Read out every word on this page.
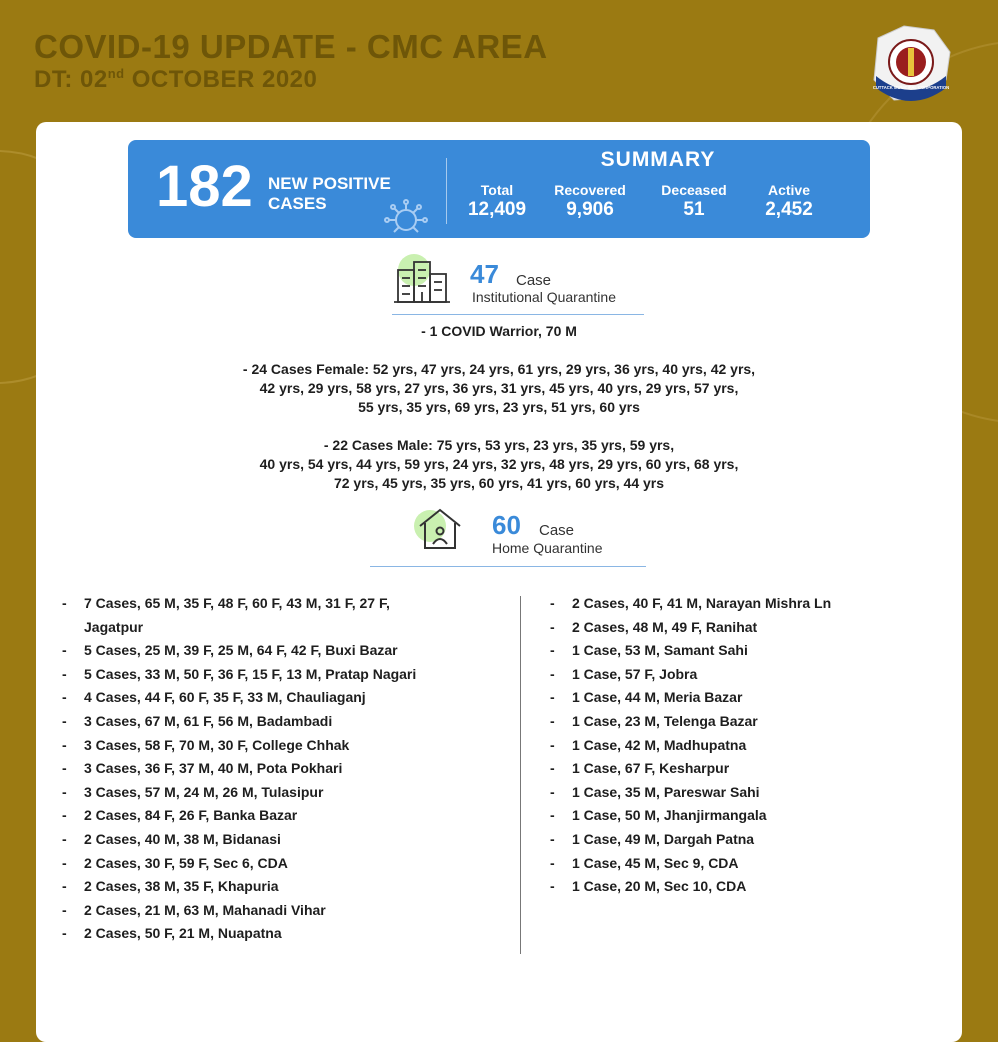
COVID-19 UPDATE - CMC AREA

DT: 02nd OCTOBER 2020	CUTTACK MUNICIPAL CORPORATION
182 NEW POSITIVE CASES
SUMMARY
Total
12,409
Recovered
9,906
Deceased
51
Active
2,452
47 Case
Institutional Quarantine
- 1 COVID Warrior, 70 M
- 24 Cases Female: 52 yrs, 47 yrs, 24 yrs, 61 yrs, 29 yrs, 36 yrs, 40 yrs, 42 yrs,
42 yrs, 29 yrs, 58 yrs, 27 yrs, 36 yrs, 31 yrs, 45 yrs, 40 yrs, 29 yrs, 57 yrs,
55 yrs, 35 yrs, 69 yrs, 23 yrs, 51 yrs, 60 yrs
- 22 Cases Male: 75 yrs, 53 yrs, 23 yrs, 35 yrs, 59 yrs,
40 yrs, 54 yrs, 44 yrs, 59 yrs, 24 yrs, 32 yrs, 48 yrs, 29 yrs, 60 yrs, 68 yrs,
72 yrs, 45 yrs, 35 yrs, 60 yrs, 41 yrs, 60 yrs, 44 yrs
60 Case
Home Quarantine
- 7 Cases, 65 M, 35 F, 48 F, 60 F, 43 M, 31 F, 27 F,
Jagatpur
- 5 Cases, 25 M, 39 F, 25 M, 64 F, 42 F, Buxi Bazar
- 5 Cases, 33 M, 50 F, 36 F, 15 F, 13 M, Pratap Nagari
- 4 Cases, 44 F, 60 F, 35 F, 33 M, Chauliaganj
- 3 Cases, 67 M, 61 F, 56 M, Badambadi
- 3 Cases, 58 F, 70 M, 30 F, College Chhak
- 3 Cases, 36 F, 37 M, 40 M, Pota Pokhari
- 3 Cases, 57 M, 24 M, 26 M, Tulasipur
- 2 Cases, 84 F, 26 F, Banka Bazar
- 2 Cases, 40 M, 38 M, Bidanasi
- 2 Cases, 30 F, 59 F, Sec 6, CDA
- 2 Cases, 38 M, 35 F, Khapuria
- 2 Cases, 21 M, 63 M, Mahanadi Vihar
- 2 Cases, 50 F, 21 M, Nuapatna
- 2 Cases, 40 F, 41 M, Narayan Mishra Ln
- 2 Cases, 48 M, 49 F, Ranihat
- 1 Case, 53 M, Samant Sahi
- 1 Case, 57 F, Jobra
- 1 Case, 44 M, Meria Bazar
- 1 Case, 23 M, Telenga Bazar
- 1 Case, 42 M, Madhupatna
- 1 Case, 67 F, Kesharpur
- 1 Case, 35 M, Pareswar Sahi
- 1 Case, 50 M, Jhanjirmangala
- 1 Case, 49 M, Dargah Patna
- 1 Case, 45 M, Sec 9, CDA
- 1 Case, 20 M, Sec 10, CDA
